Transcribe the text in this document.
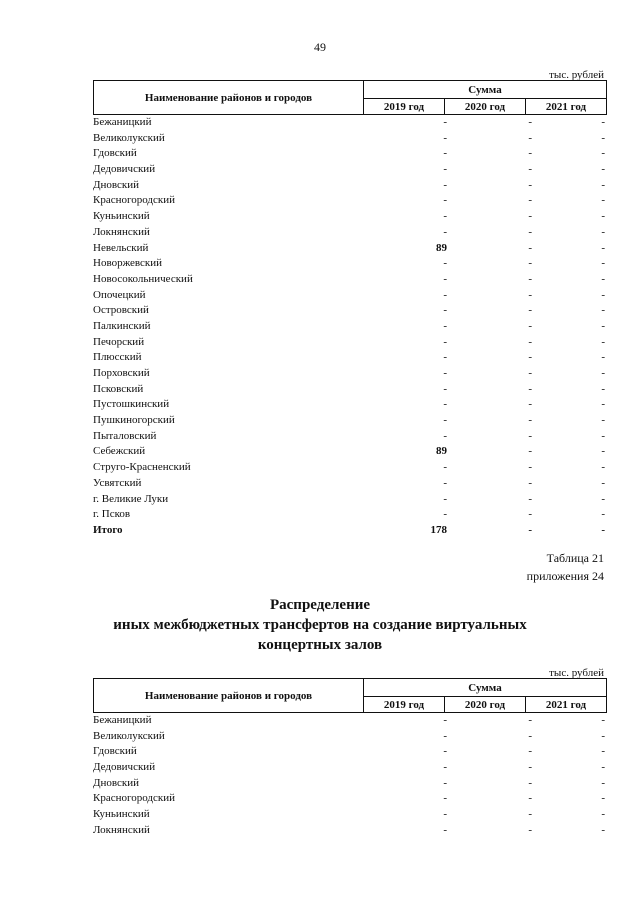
49
тыс. рублей
Наименование районов и городов
Сумма
2019 год	2020 год	2021 год
Бежаницкий	-	-	-
Великолукский	-	-	-
Гдовский	-	-	-
Дедовичский	-	-	-
Дновский	-	-	-
Красногородский	-	-	-
Куньинский	-	-	-
Локнянский	-	-	-
Невельский	89	-	-
Новоржевский	-	-	-
Новосокольнический	-	-	-
Опочецкий	-	-	-
Островский	-	-	-
Палкинский	-	-	-
Печорский	-	-	-
Плюсский	-	-	-
Порховский	-	-	-
Псковский	-	-	-
Пустошкинский	-	-	-
Пушкиногорский	-	-	-
Пыталовский	-	-	-
Себежский	89	-	-
Струго-Красненский	-	-	-
Усвятский	-	-	-
г. Великие Луки	-	-	-
г. Псков	-	-	-
Итого	178	-	-
Таблица 21
приложения 24
Распределение
иных межбюджетных трансфертов на создание виртуальных
концертных залов
тыс. рублей
Наименование районов и городов
Сумма
2019 год	2020 год	2021 год
Бежаницкий	-	-	-
Великолукский	-	-	-
Гдовский	-	-	-
Дедовичский	-	-	-
Дновский	-	-	-
Красногородский	-	-	-
Куньинский	-	-	-
Локнянский	-	-	-
